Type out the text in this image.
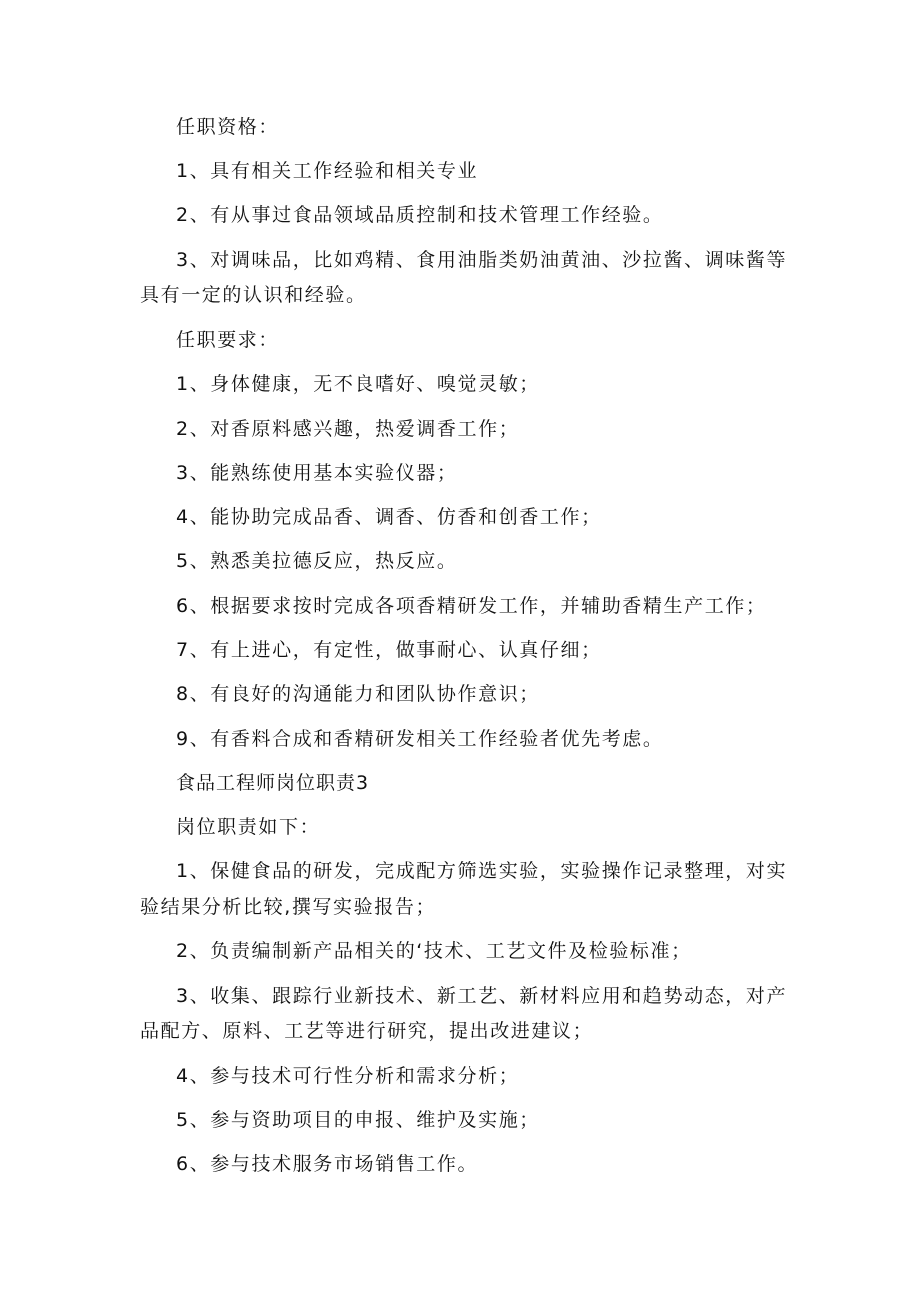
任职资格：
1、具有相关工作经验和相关专业
2、有从事过食品领域品质控制和技术管理工作经验。
3、对调味品，比如鸡精、食用油脂类奶油黄油、沙拉酱、调味酱等
具有一定的认识和经验。
任职要求：
1、身体健康，无不良嗜好、嗅觉灵敏；
2、对香原料感兴趣，热爱调香工作；
3、能熟练使用基本实验仪器；
4、能协助完成品香、调香、仿香和创香工作；
5、熟悉美拉德反应，热反应。
6、根据要求按时完成各项香精研发工作，并辅助香精生产工作；
7、有上进心，有定性，做事耐心、认真仔细；
8、有良好的沟通能力和团队协作意识；
9、有香料合成和香精研发相关工作经验者优先考虑。
食品工程师岗位职责3
岗位职责如下：
1、保健食品的研发，完成配方筛选实验，实验操作记录整理，对实
验结果分析比较,撰写实验报告；
2、负责编制新产品相关的‘技术、工艺文件及检验标准；
3、收集、跟踪行业新技术、新工艺、新材料应用和趋势动态，对产
品配方、原料、工艺等进行研究，提出改进建议；
4、参与技术可行性分析和需求分析；
5、参与资助项目的申报、维护及实施；
6、参与技术服务市场销售工作。
